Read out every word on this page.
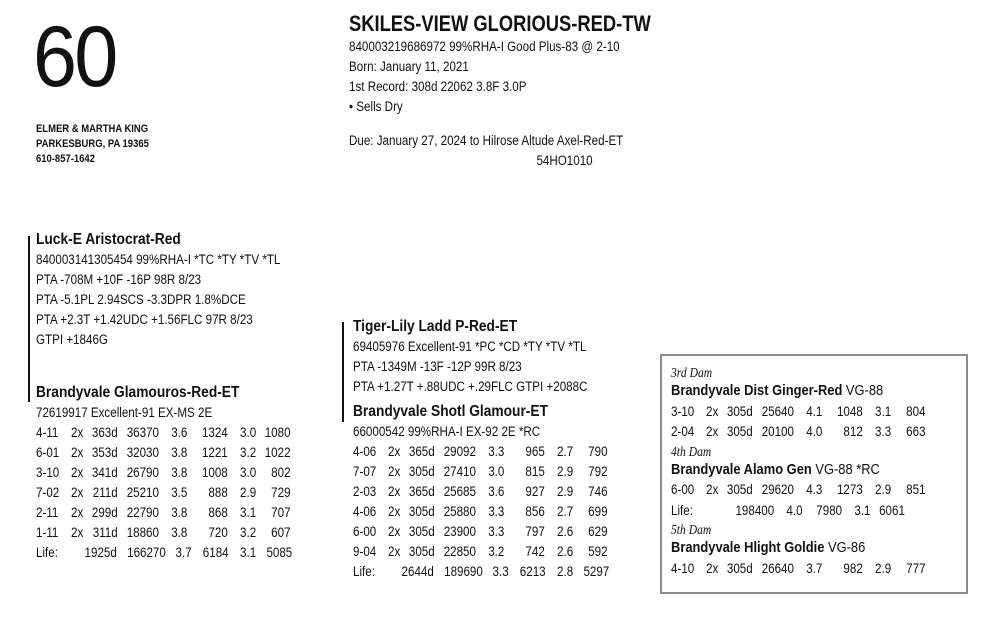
60
ELMER & MARTHA KING
PARKESBURG, PA 19365
610-857-1642
SKILES-VIEW GLORIOUS-RED-TW
840003219686972 99%RHA-I Good Plus-83 @ 2-10
Born: January 11, 2021
1st Record: 308d 22062 3.8F 3.0P
• Sells Dry
Due: January 27, 2024 to Hilrose Altude Axel-Red-ET
54HO1010
Luck-E Aristocrat-Red
840003141305454 99%RHA-I *TC *TY *TV *TL
PTA -708M +10F -16P 98R 8/23
PTA -5.1PL 2.94SCS -3.3DPR 1.8%DCE
PTA +2.3T +1.42UDC +1.56FLC 97R 8/23
GTPI +1846G
Brandyvale Glamouros-Red-ET
72619917 Excellent-91 EX-MS 2E
4-11 2x 363d 36370 3.6	1324 3.0 1080
6-01 2x 353d 32030 3.8	1221 3.2 1022
3-10 2x 341d 26790 3.8	1008 3.0	802
7-02 2x 211d 25210 3.5	888 2.9	729
2-11 2x 299d 22790 3.8	868 3.1	707
1-11 2x 311d 18860 3.8	720 3.2	607
Life:	1925d 166270 3.7 6184 3.1 5085
Tiger-Lily Ladd P-Red-ET
69405976 Excellent-91 *PC *CD *TY *TV *TL
PTA -1349M -13F -12P 99R 8/23
PTA +1.27T +.88UDC +.29FLC GTPI +2088C
Brandyvale Shotl Glamour-ET
66000542 99%RHA-I EX-92 2E *RC
4-06 2x 365d 29092 3.3	965 2.7	790
7-07 2x 305d 27410 3.0	815 2.9	792
2-03 2x 365d 25685 3.6	927 2.9	746
4-06 2x 305d 25880 3.3	856 2.7	699
6-00 2x 305d 23900 3.3	797 2.6	629
9-04 2x 305d 22850 3.2	742 2.6	592
Life:	2644d 189690 3.3 6213 2.8 5297
3rd Dam
Brandyvale Dist Ginger-Red VG-88
3-10 2x 305d 25640 4.1	1048 3.1	804
2-04 2x 305d 20100 4.0	812 3.3	663
4th Dam
Brandyvale Alamo Gen VG-88 *RC
6-00 2x 305d 29620 4.3	1273 2.9	851
Life:	198400 4.0	7980 3.1 6061
5th Dam
Brandyvale Hlight Goldie VG-86
4-10 2x 305d 26640 3.7	982 2.9	777
